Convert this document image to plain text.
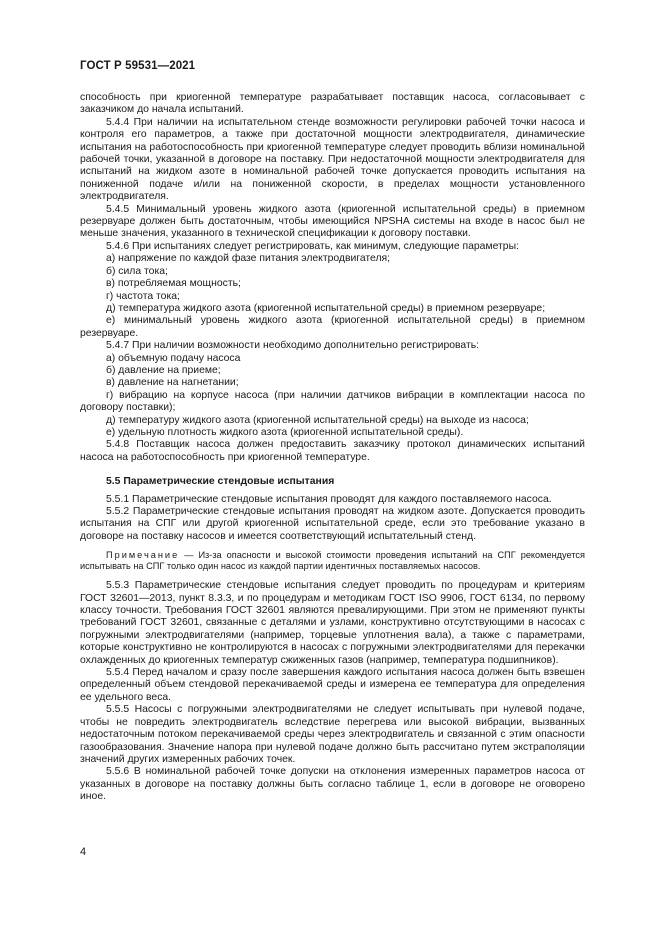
ГОСТ Р 59531—2021

способность при криогенной температуре разрабатывает поставщик насоса, согласовывает с заказчиком до начала испытаний.

5.4.4 При наличии на испытательном стенде возможности регулировки рабочей точки насоса и контроля его параметров, а также при достаточной мощности электродвигателя, динамические испытания на работоспособность при криогенной температуре следует проводить вблизи номинальной рабочей точки, указанной в договоре на поставку. При недостаточной мощности электродвигателя для испытаний на жидком азоте в номинальной рабочей точке допускается проводить испытания на пониженной подаче и/или на пониженной скорости, в пределах мощности установленного электродвигателя.

5.4.5 Минимальный уровень жидкого азота (криогенной испытательной среды) в приемном резервуаре должен быть достаточным, чтобы имеющийся NPSHA системы на входе в насос был не меньше значения, указанного в технической спецификации к договору поставки.

5.4.6 При испытаниях следует регистрировать, как минимум, следующие параметры:

а) напряжение по каждой фазе питания электродвигателя;

б) сила тока;

в) потребляемая мощность;

г) частота тока;

д) температура жидкого азота (криогенной испытательной среды) в приемном резервуаре;

е) минимальный уровень жидкого азота (криогенной испытательной среды) в приемном резервуаре.

5.4.7 При наличии возможности необходимо дополнительно регистрировать:

а) объемную подачу насоса

б) давление на приеме;

в) давление на нагнетании;

г) вибрацию на корпусе насоса (при наличии датчиков вибрации в комплектации насоса по договору поставки);

д) температуру жидкого азота (криогенной испытательной среды) на выходе из насоса;

е) удельную плотность жидкого азота (криогенной испытательной среды).

5.4.8 Поставщик насоса должен предоставить заказчику протокол динамических испытаний насоса на работоспособность при криогенной температуре.

5.5 Параметрические стендовые испытания

5.5.1 Параметрические стендовые испытания проводят для каждого поставляемого насоса.

5.5.2 Параметрические стендовые испытания проводят на жидком азоте. Допускается проводить испытания на СПГ или другой криогенной испытательной среде, если это требование указано в договоре на поставку насосов и имеется соответствующий испытательный стенд.

Примечание — Из-за опасности и высокой стоимости проведения испытаний на СПГ рекомендуется испытывать на СПГ только один насос из каждой партии идентичных поставляемых насосов.

5.5.3 Параметрические стендовые испытания следует проводить по процедурам и критериям ГОСТ 32601—2013, пункт 8.3.3, и по процедурам и методикам ГОСТ ISO 9906, ГОСТ 6134, по первому классу точности. Требования ГОСТ 32601 являются превалирующими. При этом не применяют пункты требований ГОСТ 32601, связанные с деталями и узлами, конструктивно отсутствующими в насосах с погружными электродвигателями (например, торцевые уплотнения вала), а также с параметрами, которые конструктивно не контролируются в насосах с погружными электродвигателями для перекачки охлажденных до криогенных температур сжиженных газов (например, температура подшипников).

5.5.4 Перед началом и сразу после завершения каждого испытания насоса должен быть взвешен определенный объем стендовой перекачиваемой среды и измерена ее температура для определения ее удельного веса.

5.5.5 Насосы с погружными электродвигателями не следует испытывать при нулевой подаче, чтобы не повредить электродвигатель вследствие перегрева или высокой вибрации, вызванных недостаточным потоком перекачиваемой среды через электродвигатель и связанной с этим опасности газообразования. Значение напора при нулевой подаче должно быть рассчитано путем экстраполяции значений других измеренных рабочих точек.

5.5.6 В номинальной рабочей точке допуски на отклонения измеренных параметров насоса от указанных в договоре на поставку должны быть согласно таблице 1, если в договоре не оговорено иное.

4
